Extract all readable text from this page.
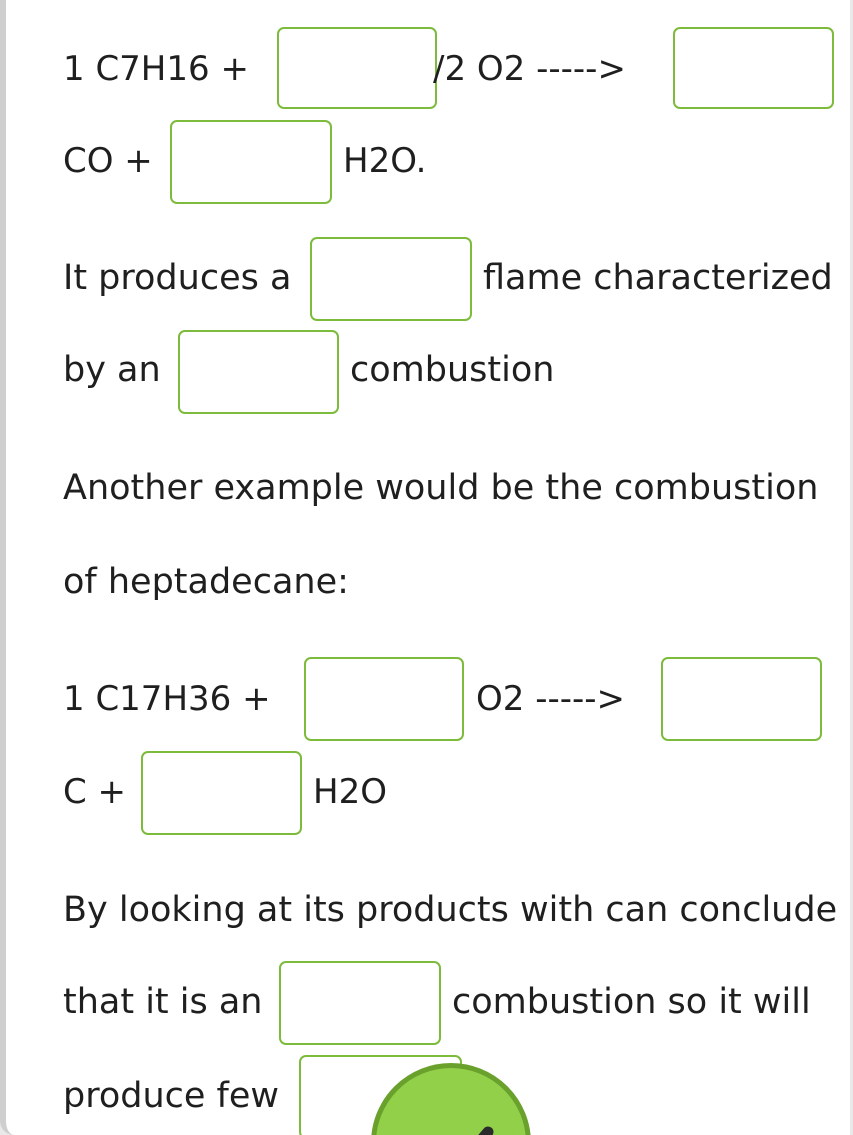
1 C7H16 +	/2 O2 ----->
CO +	H2O.
It produces a	flame characterized
by an	combustion
Another example would be the combustion
of heptadecane:
1 C17H36 +	O2 ----->
C +	H2O
By looking at its products with can conclude
that it is an	combustion so it will
produce few
